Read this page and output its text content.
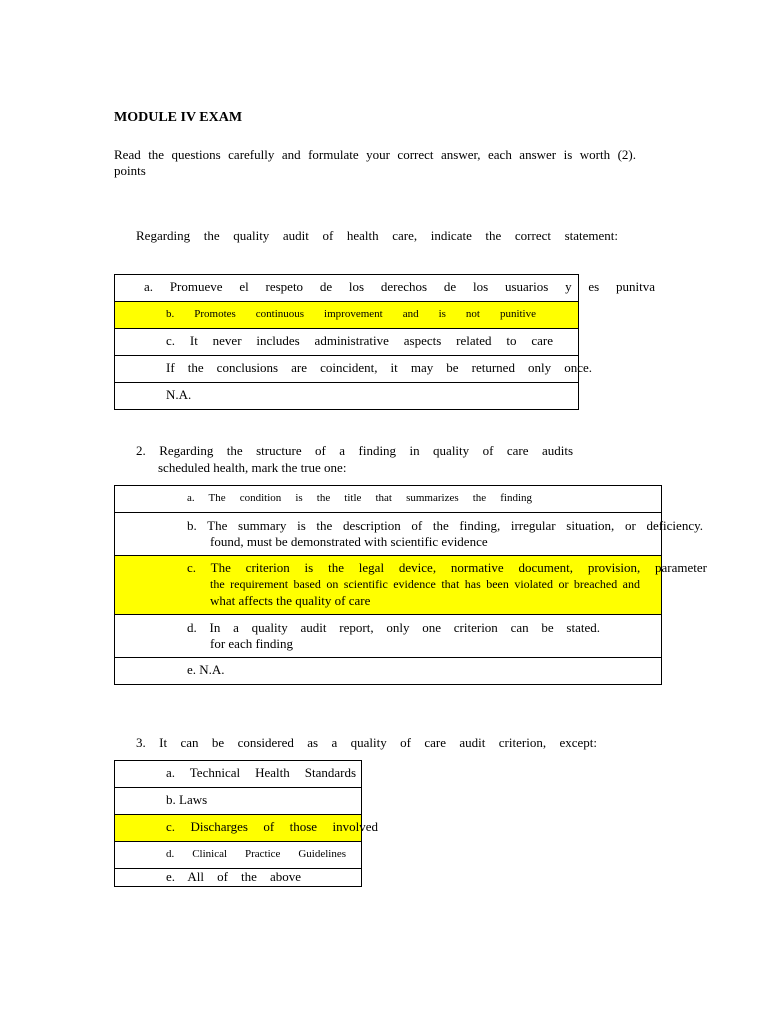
MODULE IV EXAM
Read the questions carefully and formulate your correct answer, each answer is worth (2).
points
Regarding the quality audit of health care, indicate the correct statement:
a. Promueve el respeto de los derechos de los usuarios y es punitva

b. Promotes continuous improvement and is not punitive

c. It never includes administrative aspects related to care

If the conclusions are coincident, it may be returned only once.

N.A.
2. Regarding the structure of a finding in quality of care audits
scheduled health, mark the true one:
a. The condition is the title that summarizes the finding

b. The summary is the description of the finding, irregular situation, or deficiency.
found, must be demonstrated with scientific evidence

c. The criterion is the legal device, normative document, provision, parameter
the requirement based on scientific evidence that has been violated or breached and
what affects the quality of care

d. In a quality audit report, only one criterion can be stated.
for each finding

e. N.A.
3. It can be considered as a quality of care audit criterion, except:
a. Technical Health Standards

b. Laws

c. Discharges of those involved

d. Clinical Practice Guidelines

e. All of the above
